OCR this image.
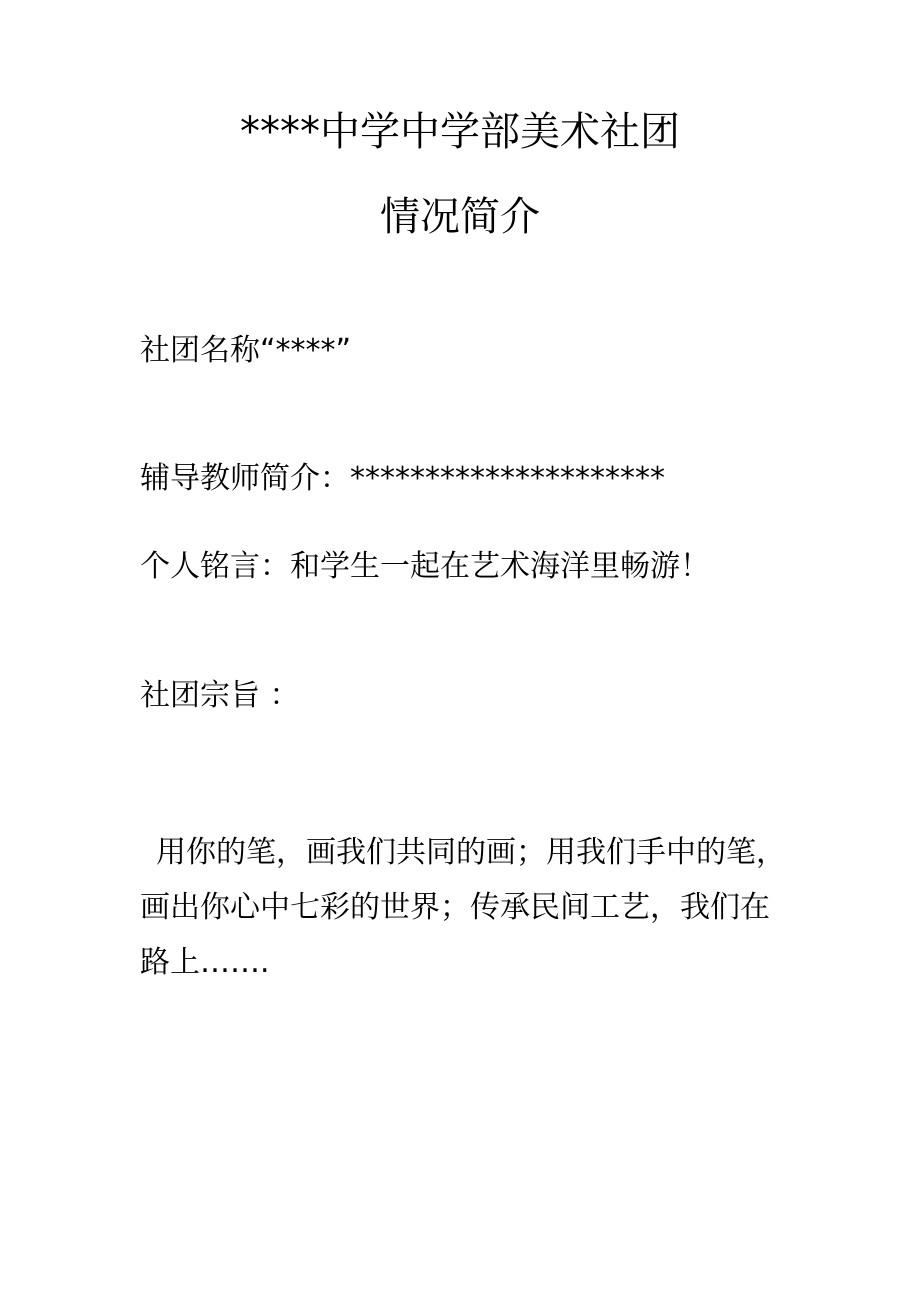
****中学中学部美术社团
情况简介
社团名称“****”
辅导教师简介：*********************
个人铭言：和学生一起在艺术海洋里畅游！
社团宗旨 ：
用你的笔，画我们共同的画；用我们手中的笔，画出你心中七彩的世界；传承民间工艺，我们在路上…….
